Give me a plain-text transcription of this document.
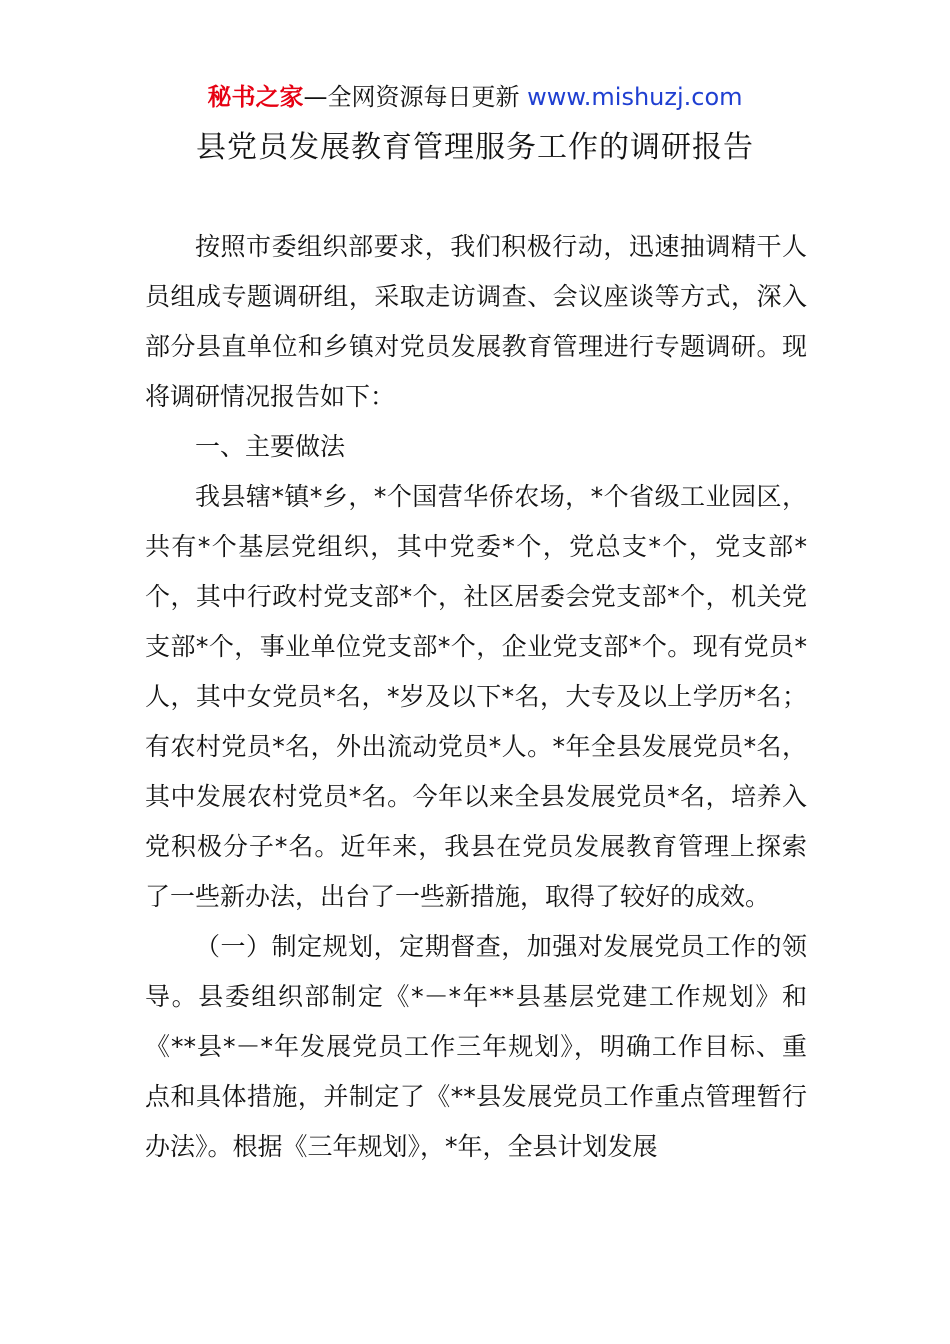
秘书之家—全网资源每日更新 www.mishuzj.com
县党员发展教育管理服务工作的调研报告

按照市委组织部要求，我们积极行动，迅速抽调精干人员组成专题调研组，采取走访调查、会议座谈等方式，深入部分县直单位和乡镇对党员发展教育管理进行专题调研。现将调研情况报告如下：

一、主要做法

我县辖*镇*乡，*个国营华侨农场，*个省级工业园区，共有*个基层党组织，其中党委*个，党总支*个，党支部*个，其中行政村党支部*个，社区居委会党支部*个，机关党支部*个，事业单位党支部*个，企业党支部*个。现有党员*人，其中女党员*名，*岁及以下*名，大专及以上学历*名；有农村党员*名，外出流动党员*人。*年全县发展党员*名，其中发展农村党员*名。今年以来全县发展党员*名，培养入党积极分子*名。近年来，我县在党员发展教育管理上探索了一些新办法，出台了一些新措施，取得了较好的成效。

（一）制定规划，定期督查，加强对发展党员工作的领导。县委组织部制定《*－*年**县基层党建工作规划》和《**县*－*年发展党员工作三年规划》，明确工作目标、重点和具体措施，并制定了《**县发展党员工作重点管理暂行办法》。根据《三年规划》，*年，全县计划发展
